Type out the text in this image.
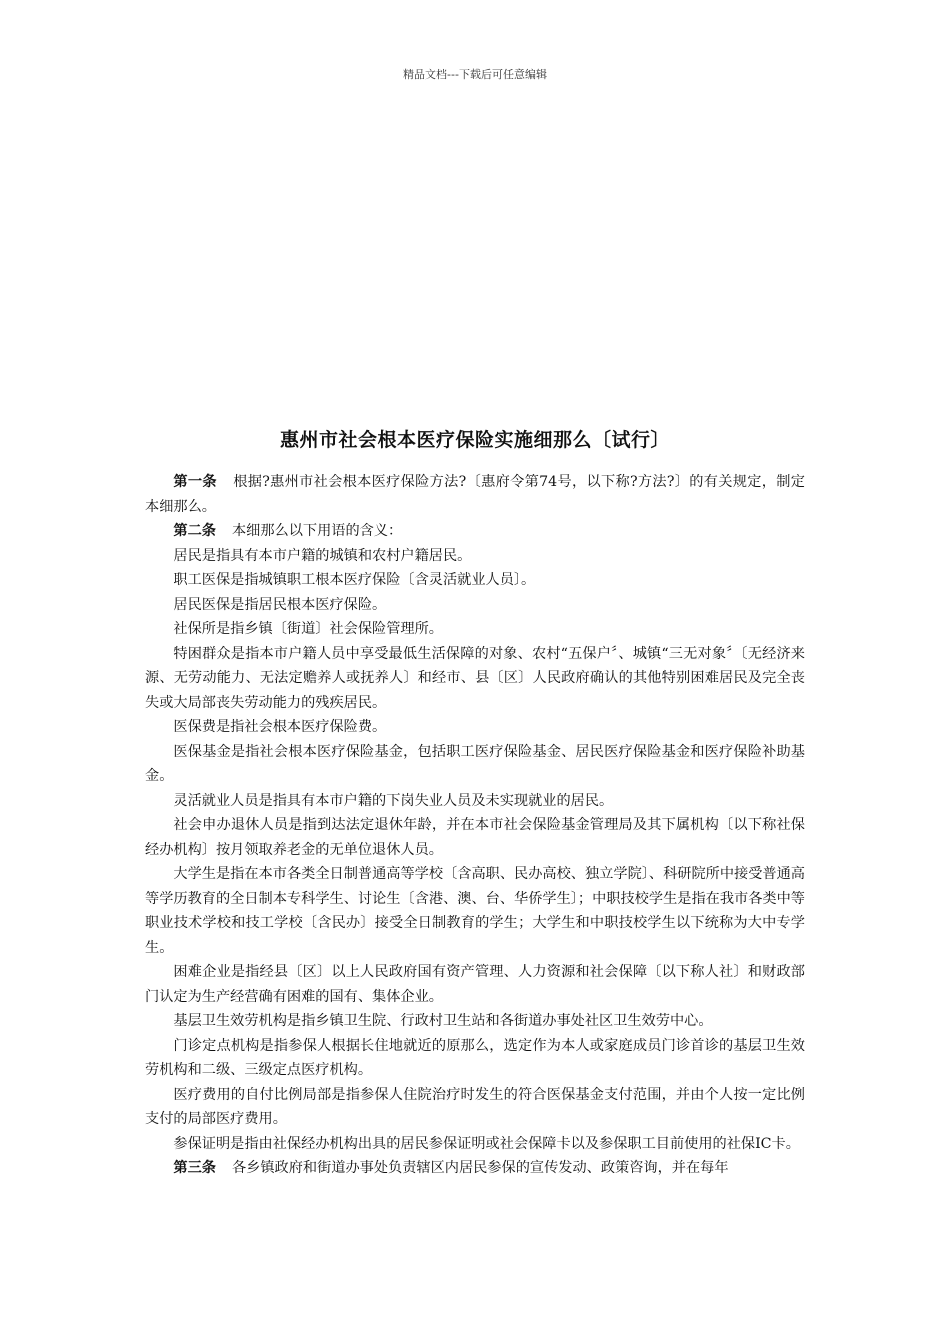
精品文档---下载后可任意编辑
惠州市社会根本医疗保险实施细那么〔试行〕

第一条 根据?惠州市社会根本医疗保险方法?〔惠府令第74号，以下称?方法?〕的有关规定，制定本细那么。

第二条 本细那么以下用语的含义：

居民是指具有本市户籍的城镇和农村户籍居民。

职工医保是指城镇职工根本医疗保险〔含灵活就业人员〕。

居民医保是指居民根本医疗保险。

社保所是指乡镇〔街道〕社会保险管理所。

特困群众是指本市户籍人员中享受最低生活保障的对象、农村“五保户〞、城镇“三无对象〞〔无经济来源、无劳动能力、无法定赡养人或抚养人〕和经市、县〔区〕人民政府确认的其他特别困难居民及完全丧失或大局部丧失劳动能力的残疾居民。

医保费是指社会根本医疗保险费。

医保基金是指社会根本医疗保险基金，包括职工医疗保险基金、居民医疗保险基金和医疗保险补助基金。

灵活就业人员是指具有本市户籍的下岗失业人员及未实现就业的居民。

社会申办退休人员是指到达法定退休年龄，并在本市社会保险基金管理局及其下属机构〔以下称社保经办机构〕按月领取养老金的无单位退休人员。

大学生是指在本市各类全日制普通高等学校〔含高职、民办高校、独立学院〕、科研院所中接受普通高等学历教育的全日制本专科学生、讨论生〔含港、澳、台、华侨学生〕；中职技校学生是指在我市各类中等职业技术学校和技工学校〔含民办〕接受全日制教育的学生；大学生和中职技校学生以下统称为大中专学生。

困难企业是指经县〔区〕以上人民政府国有资产管理、人力资源和社会保障〔以下称人社〕和财政部门认定为生产经营确有困难的国有、集体企业。

基层卫生效劳机构是指乡镇卫生院、行政村卫生站和各街道办事处社区卫生效劳中心。

门诊定点机构是指参保人根据长住地就近的原那么，选定作为本人或家庭成员门诊首诊的基层卫生效劳机构和二级、三级定点医疗机构。

医疗费用的自付比例局部是指参保人住院治疗时发生的符合医保基金支付范围，并由个人按一定比例支付的局部医疗费用。

参保证明是指由社保经办机构出具的居民参保证明或社会保障卡以及参保职工目前使用的社保IC卡。

第三条 各乡镇政府和街道办事处负责辖区内居民参保的宣传发动、政策咨询，并在每年
